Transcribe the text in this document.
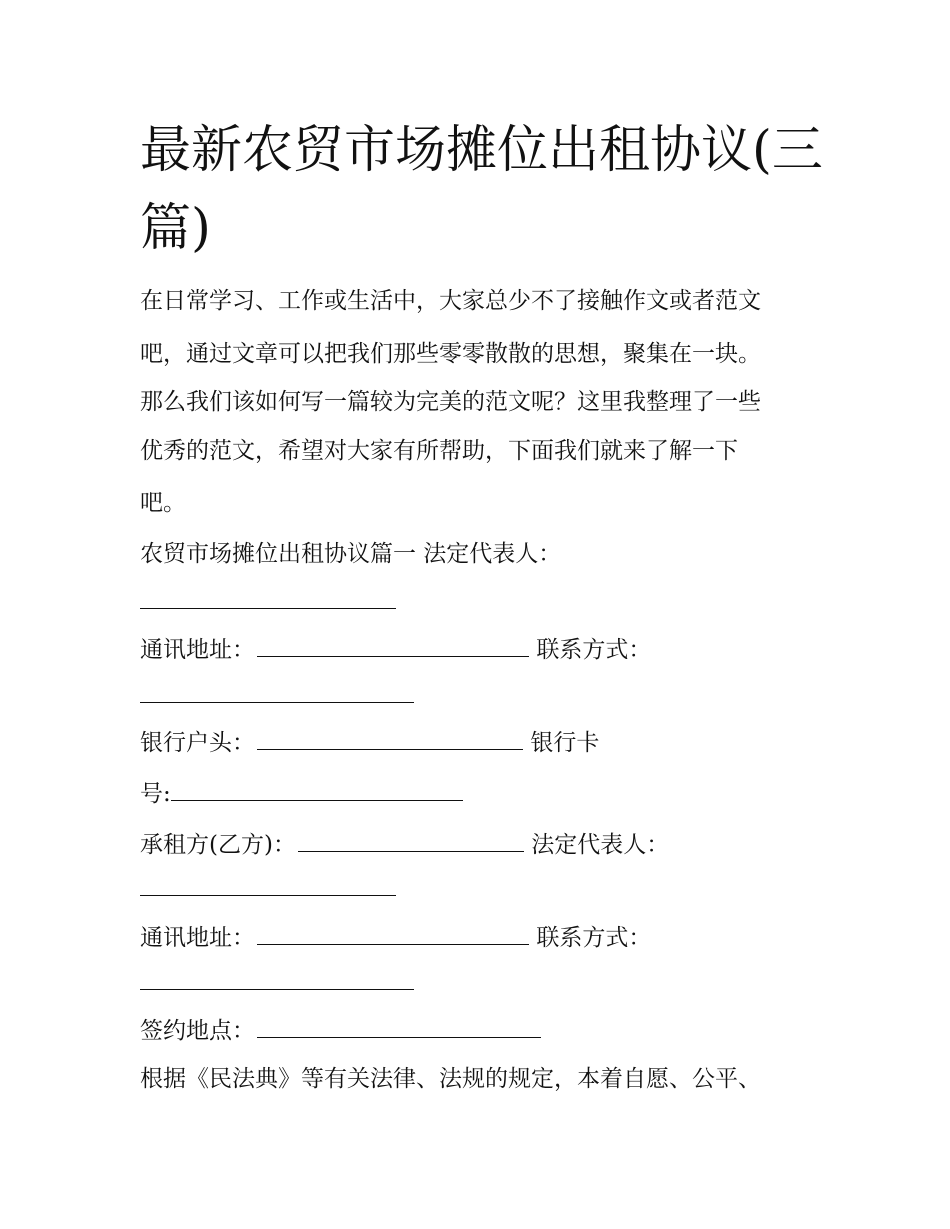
最新农贸市场摊位出租协议(三篇)
在日常学习、工作或生活中，大家总少不了接触作文或者范文
吧，通过文章可以把我们那些零零散散的思想，聚集在一块。
那么我们该如何写一篇较为完美的范文呢？这里我整理了一些
优秀的范文，希望对大家有所帮助，下面我们就来了解一下
吧。
农贸市场摊位出租协议篇一 法定代表人：
通讯地址：	联系方式：
银行户头：	银行卡
号:
承租方(乙方)：	法定代表人：
通讯地址：	联系方式：
签约地点：
根据《民法典》等有关法律、法规的规定，本着自愿、公平、
